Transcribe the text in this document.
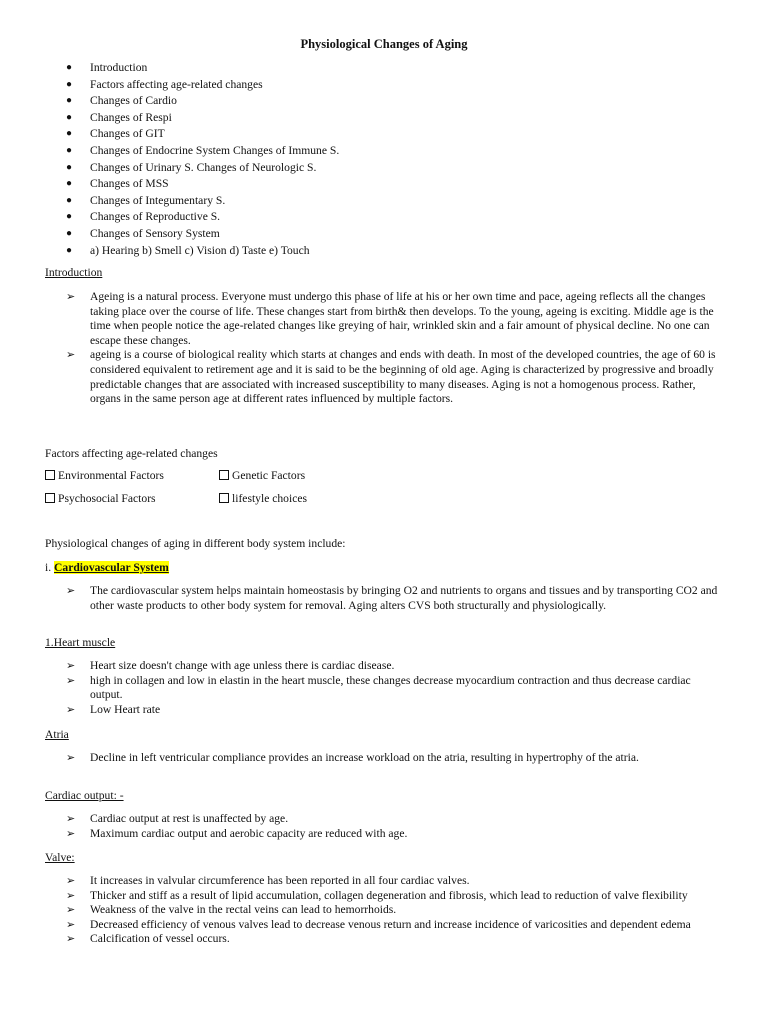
Physiological Changes of Aging
● Introduction
● Factors affecting age-related changes
● Changes of Cardio
● Changes of Respi
● Changes of GIT
● Changes of Endocrine System Changes of Immune S.
● Changes of Urinary S. Changes of Neurologic S.
● Changes of MSS
● Changes of Integumentary S.
● Changes of Reproductive S.
● Changes of Sensory System
● a) Hearing b) Smell c) Vision d) Taste e) Touch
Introduction
➢ Ageing is a natural process. Everyone must undergo this phase of life at his or her own time and pace, ageing reflects all the changes taking place over the course of life. These changes start from birth& then develops. To the young, ageing is exciting. Middle age is the time when people notice the age-related changes like greying of hair, wrinkled skin and a fair amount of physical decline. No one can escape these changes.
➢ ageing is a course of biological reality which starts at changes and ends with death. In most of the developed countries, the age of 60 is considered equivalent to retirement age and it is said to be the beginning of old age. Aging is characterized by progressive and broadly predictable changes that are associated with increased susceptibility to many diseases. Aging is not a homogenous process. Rather, organs in the same person age at different rates influenced by multiple factors.
Factors affecting age-related changes
Environmental Factors	Genetic Factors
Psychosocial Factors	lifestyle choices
Physiological changes of aging in different body system include:
i. Cardiovascular System
➢ The cardiovascular system helps maintain homeostasis by bringing O2 and nutrients to organs and tissues and by transporting CO2 and other waste products to other body system for removal. Aging alters CVS both structurally and physiologically.
1.Heart muscle
➢ Heart size doesn't change with age unless there is cardiac disease.
➢ high in collagen and low in elastin in the heart muscle, these changes decrease myocardium contraction and thus decrease cardiac output.
➢ Low Heart rate
Atria
➢ Decline in left ventricular compliance provides an increase workload on the atria, resulting in hypertrophy of the atria.
Cardiac output: -
➢ Cardiac output at rest is unaffected by age.
➢ Maximum cardiac output and aerobic capacity are reduced with age.
Valve:
➢ It increases in valvular circumference has been reported in all four cardiac valves.
➢ Thicker and stiff as a result of lipid accumulation, collagen degeneration and fibrosis, which lead to reduction of valve flexibility
➢ Weakness of the valve in the rectal veins can lead to hemorrhoids.
➢ Decreased efficiency of venous valves lead to decrease venous return and increase incidence of varicosities and dependent edema
➢ Calcification of vessel occurs.
